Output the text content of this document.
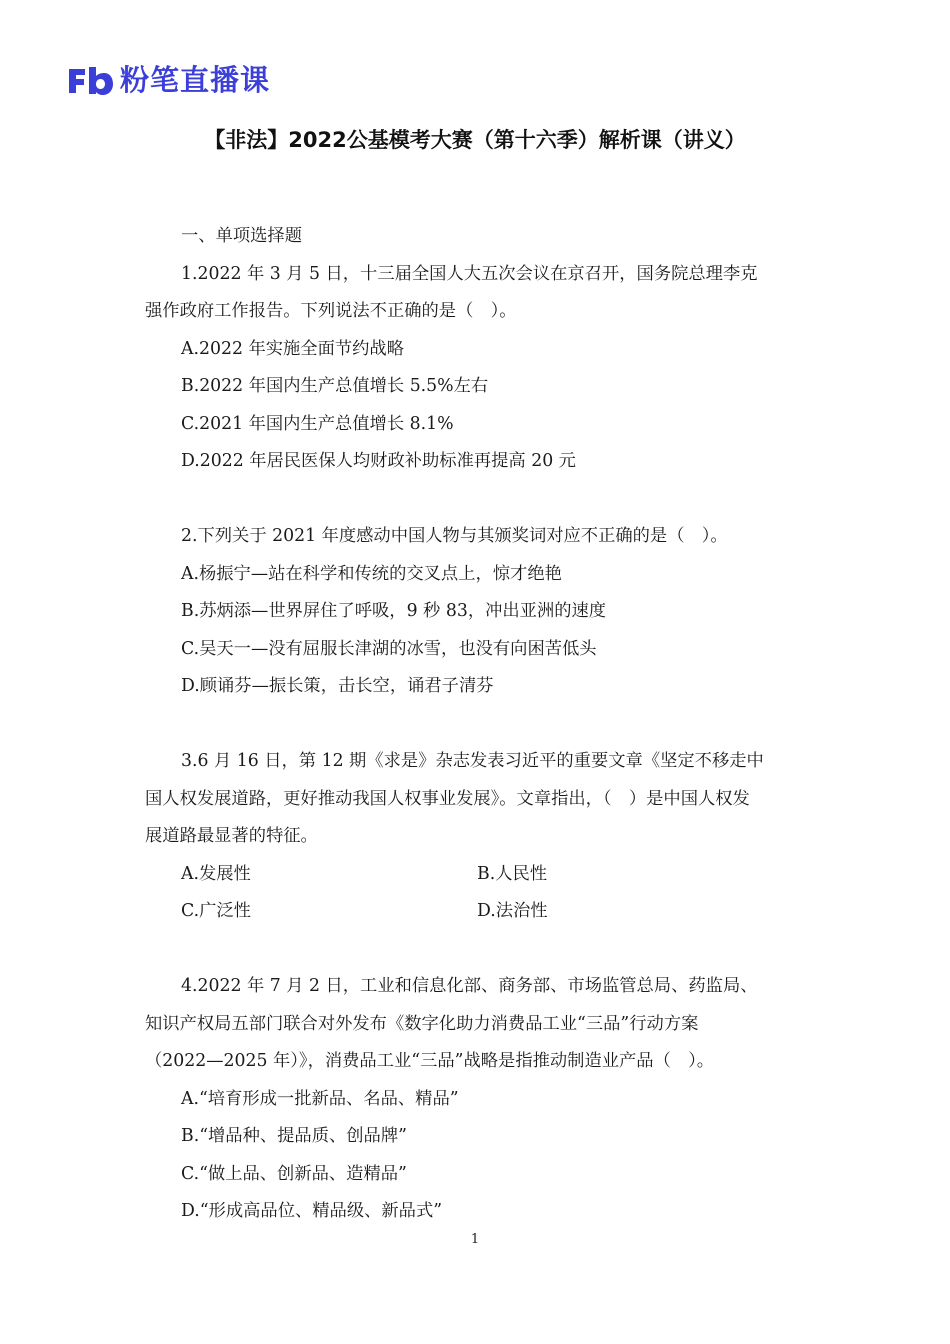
粉笔直播课
【非法】2022公基模考大赛（第十六季）解析课（讲义）

一、单项选择题

1.2022 年 3 月 5 日，十三届全国人大五次会议在京召开，国务院总理李克

强作政府工作报告。下列说法不正确的是（　）。

A.2022 年实施全面节约战略

B.2022 年国内生产总值增长 5.5%左右

C.2021 年国内生产总值增长 8.1%

D.2022 年居民医保人均财政补助标准再提高 20 元

2.下列关于 2021 年度感动中国人物与其颁奖词对应不正确的是（　）。

A.杨振宁—站在科学和传统的交叉点上，惊才绝艳

B.苏炳添—世界屏住了呼吸，9 秒 83，冲出亚洲的速度

C.吴天一—没有屈服长津湖的冰雪，也没有向困苦低头

D.顾诵芬—振长策，击长空，诵君子清芬

3.6 月 16 日，第 12 期《求是》杂志发表习近平的重要文章《坚定不移走中

国人权发展道路，更好推动我国人权事业发展》。文章指出，（　）是中国人权发

展道路最显著的特征。

A.发展性	B.人民性
C.广泛性	D.法治性

4.2022 年 7 月 2 日，工业和信息化部、商务部、市场监管总局、药监局、

知识产权局五部门联合对外发布《数字化助力消费品工业“三品”行动方案

（2022—2025 年）》，消费品工业“三品”战略是指推动制造业产品（　）。

A.“培育形成一批新品、名品、精品”

B.“增品种、提品质、创品牌”

C.“做上品、创新品、造精品”

D.“形成高品位、精品级、新品式”

1
